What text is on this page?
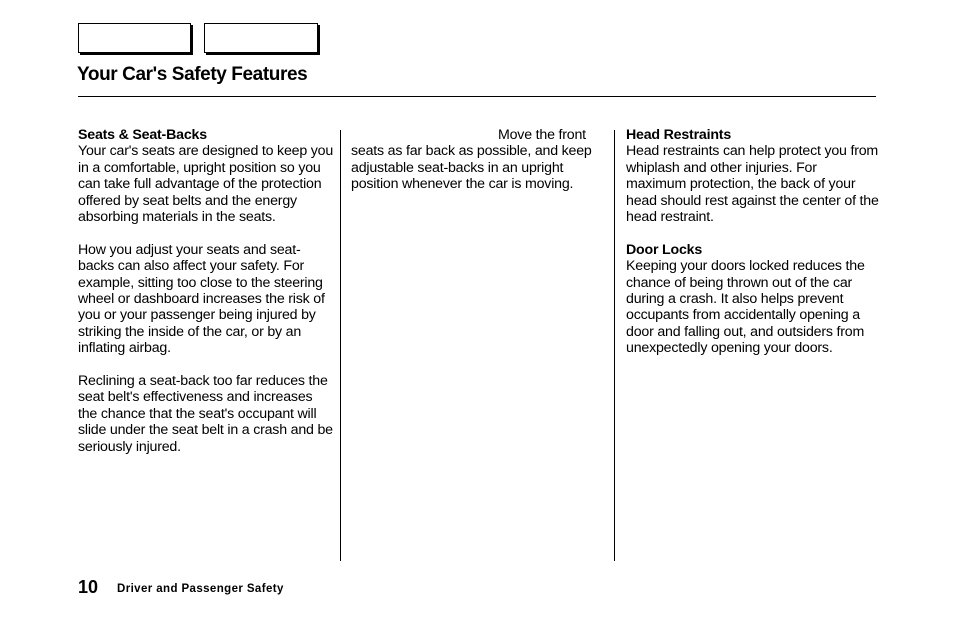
Your Car's Safety Features
Seats & Seat-Backs

Your car's seats are designed to keep you in a comfortable, upright position so you can take full advantage of the protection offered by seat belts and the energy absorbing materials in the seats.

How you adjust your seats and seat-backs can also affect your safety. For example, sitting too close to the steering wheel or dashboard increases the risk of you or your passenger being injured by striking the inside of the car, or by an inflating airbag.

Reclining a seat-back too far reduces the seat belt's effectiveness and increases the chance that the seat's occupant will slide under the seat belt in a crash and be seriously injured.

Move the front

seats as far back as possible, and keep adjustable seat-backs in an upright position whenever the car is moving.

Head Restraints

Head restraints can help protect you from whiplash and other injuries. For maximum protection, the back of your head should rest against the center of the head restraint.

Door Locks

Keeping your doors locked reduces the chance of being thrown out of the car during a crash. It also helps prevent occupants from accidentally opening a door and falling out, and outsiders from unexpectedly opening your doors.

10 Driver and Passenger Safety
